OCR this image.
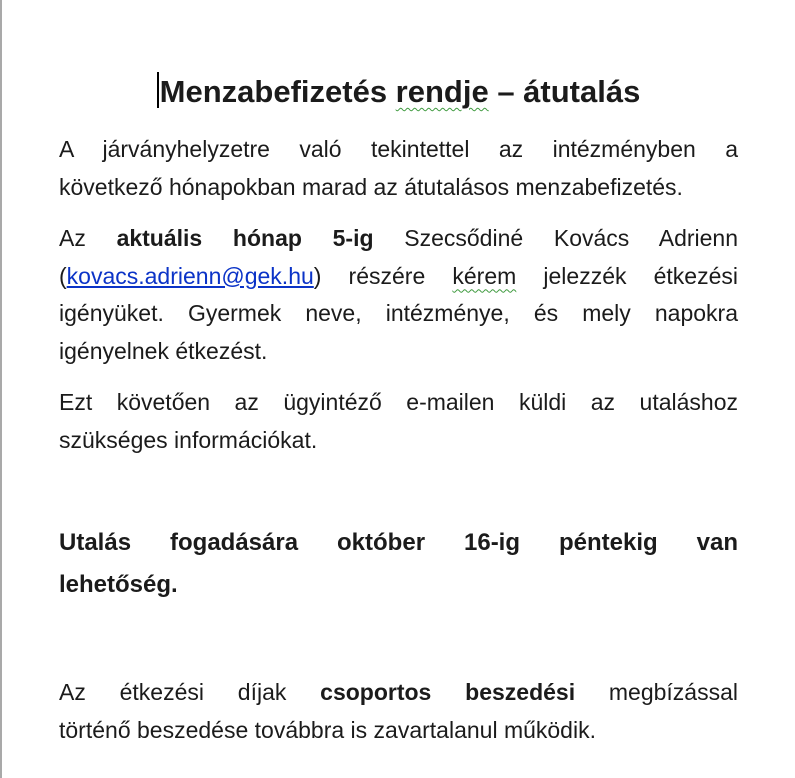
Menzabefizetés rendje – átutalás
A járványhelyzetre való tekintettel az intézményben a
következő hónapokban marad az átutalásos menzabefizetés.
Az aktuális hónap 5-ig Szecsődiné Kovács Adrienn
(kovacs.adrienn@gek.hu) részére kérem jelezzék étkezési
igényüket. Gyermek neve, intézménye, és mely napokra
igényelnek étkezést.
Ezt követően az ügyintéző e-mailen küldi az utaláshoz
szükséges információkat.
Utalás fogadására október 16-ig péntekig van
lehetőség.
Az étkezési díjak csoportos beszedési megbízással
történő beszedése továbbra is zavartalanul működik.
